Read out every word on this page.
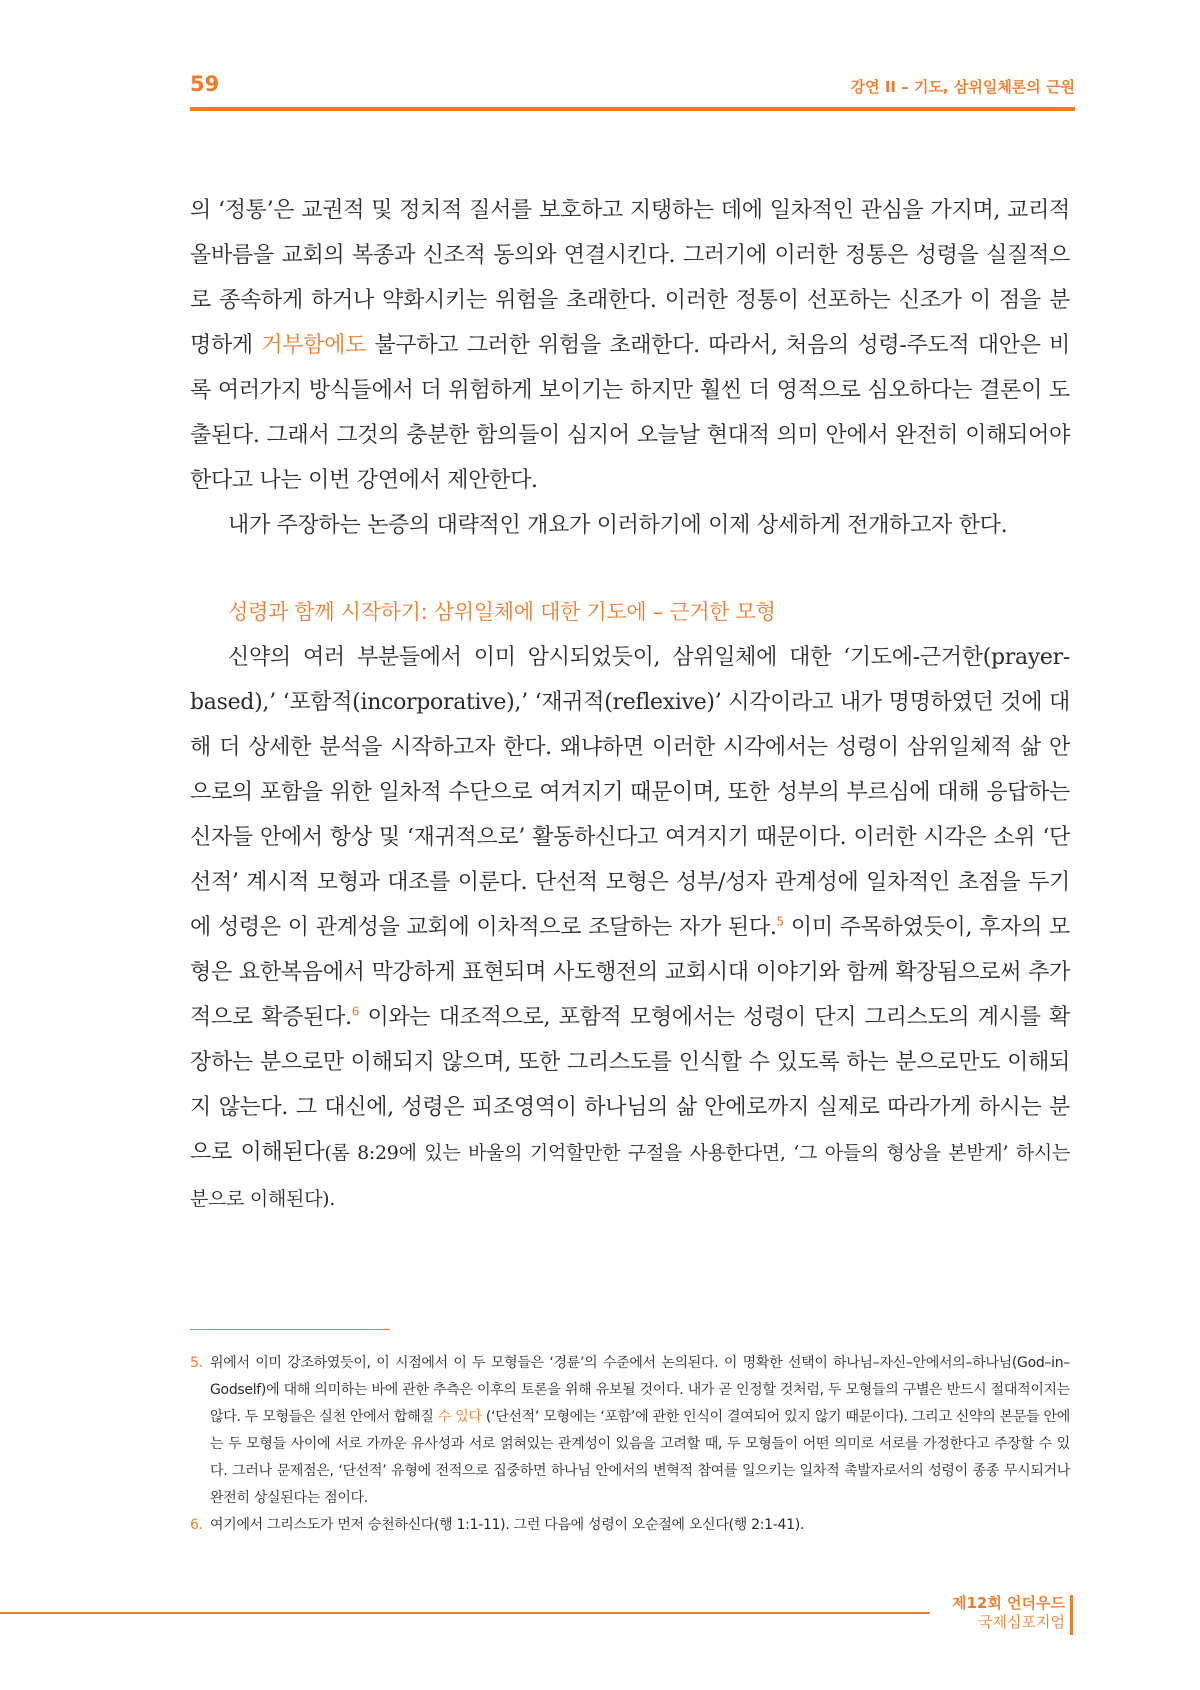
59	강연 II – 기도, 삼위일체론의 근원

의 ‘정통’은 교권적 및 정치적 질서를 보호하고 지탱하는 데에 일차적인 관심을 가지며, 교리적 올바름을 교회의 복종과 신조적 동의와 연결시킨다. 그러기에 이러한 정통은 성령을 실질적으로 종속하게 하거나 약화시키는 위험을 초래한다. 이러한 정통이 선포하는 신조가 이 점을 분명하게 거부함에도 불구하고 그러한 위험을 초래한다. 따라서, 처음의 성령-주도적 대안은 비록 여러가지 방식들에서 더 위험하게 보이기는 하지만 훨씬 더 영적으로 심오하다는 결론이 도출된다. 그래서 그것의 충분한 함의들이 심지어 오늘날 현대적 의미 안에서 완전히 이해되어야 한다고 나는 이번 강연에서 제안한다.

내가 주장하는 논증의 대략적인 개요가 이러하기에 이제 상세하게 전개하고자 한다.

성령과 함께 시작하기: 삼위일체에 대한 기도에 – 근거한 모형

신약의 여러 부분들에서 이미 암시되었듯이, 삼위일체에 대한 ‘기도에-근거한(prayer-based),’ ‘포함적(incorporative),’ ‘재귀적(reflexive)’ 시각이라고 내가 명명하였던 것에 대해 더 상세한 분석을 시작하고자 한다. 왜냐하면 이러한 시각에서는 성령이 삼위일체적 삶 안으로의 포함을 위한 일차적 수단으로 여겨지기 때문이며, 또한 성부의 부르심에 대해 응답하는 신자들 안에서 항상 및 ‘재귀적으로’ 활동하신다고 여겨지기 때문이다. 이러한 시각은 소위 ‘단선적’ 계시적 모형과 대조를 이룬다. 단선적 모형은 성부/성자 관계성에 일차적인 초점을 두기에 성령은 이 관계성을 교회에 이차적으로 조달하는 자가 된다.$^5$ 이미 주목하였듯이, 후자의 모형은 요한복음에서 막강하게 표현되며 사도행전의 교회시대 이야기와 함께 확장됨으로써 추가적으로 확증된다.$^6$ 이와는 대조적으로, 포함적 모형에서는 성령이 단지 그리스도의 계시를 확장하는 분으로만 이해되지 않으며, 또한 그리스도를 인식할 수 있도록 하는 분으로만도 이해되지 않는다. 그 대신에, 성령은 피조영역이 하나님의 삶 안에로까지 실제로 따라가게 하시는 분으로 이해된다(롬 8:29에 있는 바울의 기억할만한 구절을 사용한다면, ‘그 아들의 형상을 본받게’ 하시는 분으로 이해된다).

5. 위에서 이미 강조하였듯이, 이 시점에서 이 두 모형들은 ‘경륜’의 수준에서 논의된다. 이 명확한 선택이 하나님–자신–안에서의–하나님(God–in–Godself)에 대해 의미하는 바에 관한 추측은 이후의 토론을 위해 유보될 것이다. 내가 곧 인정할 것처럼, 두 모형들의 구별은 반드시 절대적이지는 않다. 두 모형들은 실천 안에서 합해질 수 있다 (‘단선적’ 모형에는 ‘포함’에 관한 인식이 결여되어 있지 않기 때문이다). 그리고 신약의 본문들 안에는 두 모형들 사이에 서로 가까운 유사성과 서로 얽혀있는 관계성이 있음을 고려할 때, 두 모형들이 어떤 의미로 서로를 가정한다고 주장할 수 있다. 그러나 문제점은, ‘단선적’ 유형에 전적으로 집중하면 하나님 안에서의 변혁적 참여를 일으키는 일차적 촉발자로서의 성령이 종종 무시되거나 완전히 상실된다는 점이다.

6. 여기에서 그리스도가 먼저 승천하신다(행 1:1-11). 그런 다음에 성령이 오순절에 오신다(행 2:1-41).

제12회 언더우드
국제심포지엄
